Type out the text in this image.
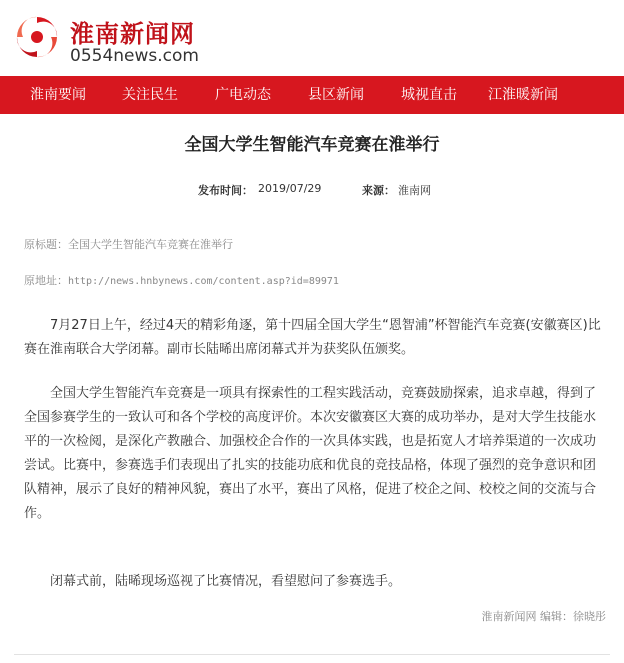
淮南新闻网
0554news.com
淮南要闻	关注民生	广电动态	县区新闻	城视直击 江淮暖新闻
全国大学生智能汽车竞赛在淮举行
发布时间： 2019/07/29	来源： 淮南网
原标题：全国大学生智能汽车竞赛在淮举行
原地址：http://news.hnbynews.com/content.asp?id=89971
7月27日上午，经过4天的精彩角逐，第十四届全国大学生“恩智浦”杯智能汽车竞赛(安徽赛区)比赛在淮南联合大学闭幕。副市长陆晞出席闭幕式并为获奖队伍颁奖。
全国大学生智能汽车竞赛是一项具有探索性的工程实践活动，竞赛鼓励探索，追求卓越，得到了全国参赛学生的一致认可和各个学校的高度评价。本次安徽赛区大赛的成功举办，是对大学生技能水平的一次检阅，是深化产教融合、加强校企合作的一次具体实践，也是拓宽人才培养渠道的一次成功尝试。比赛中，参赛选手们表现出了扎实的技能功底和优良的竞技品格，体现了强烈的竞争意识和团队精神，展示了良好的精神风貌，赛出了水平，赛出了风格，促进了校企之间、校校之间的交流与合作。
闭幕式前，陆晞现场巡视了比赛情况，看望慰问了参赛选手。
淮南新闻网 编辑：徐晓彤
